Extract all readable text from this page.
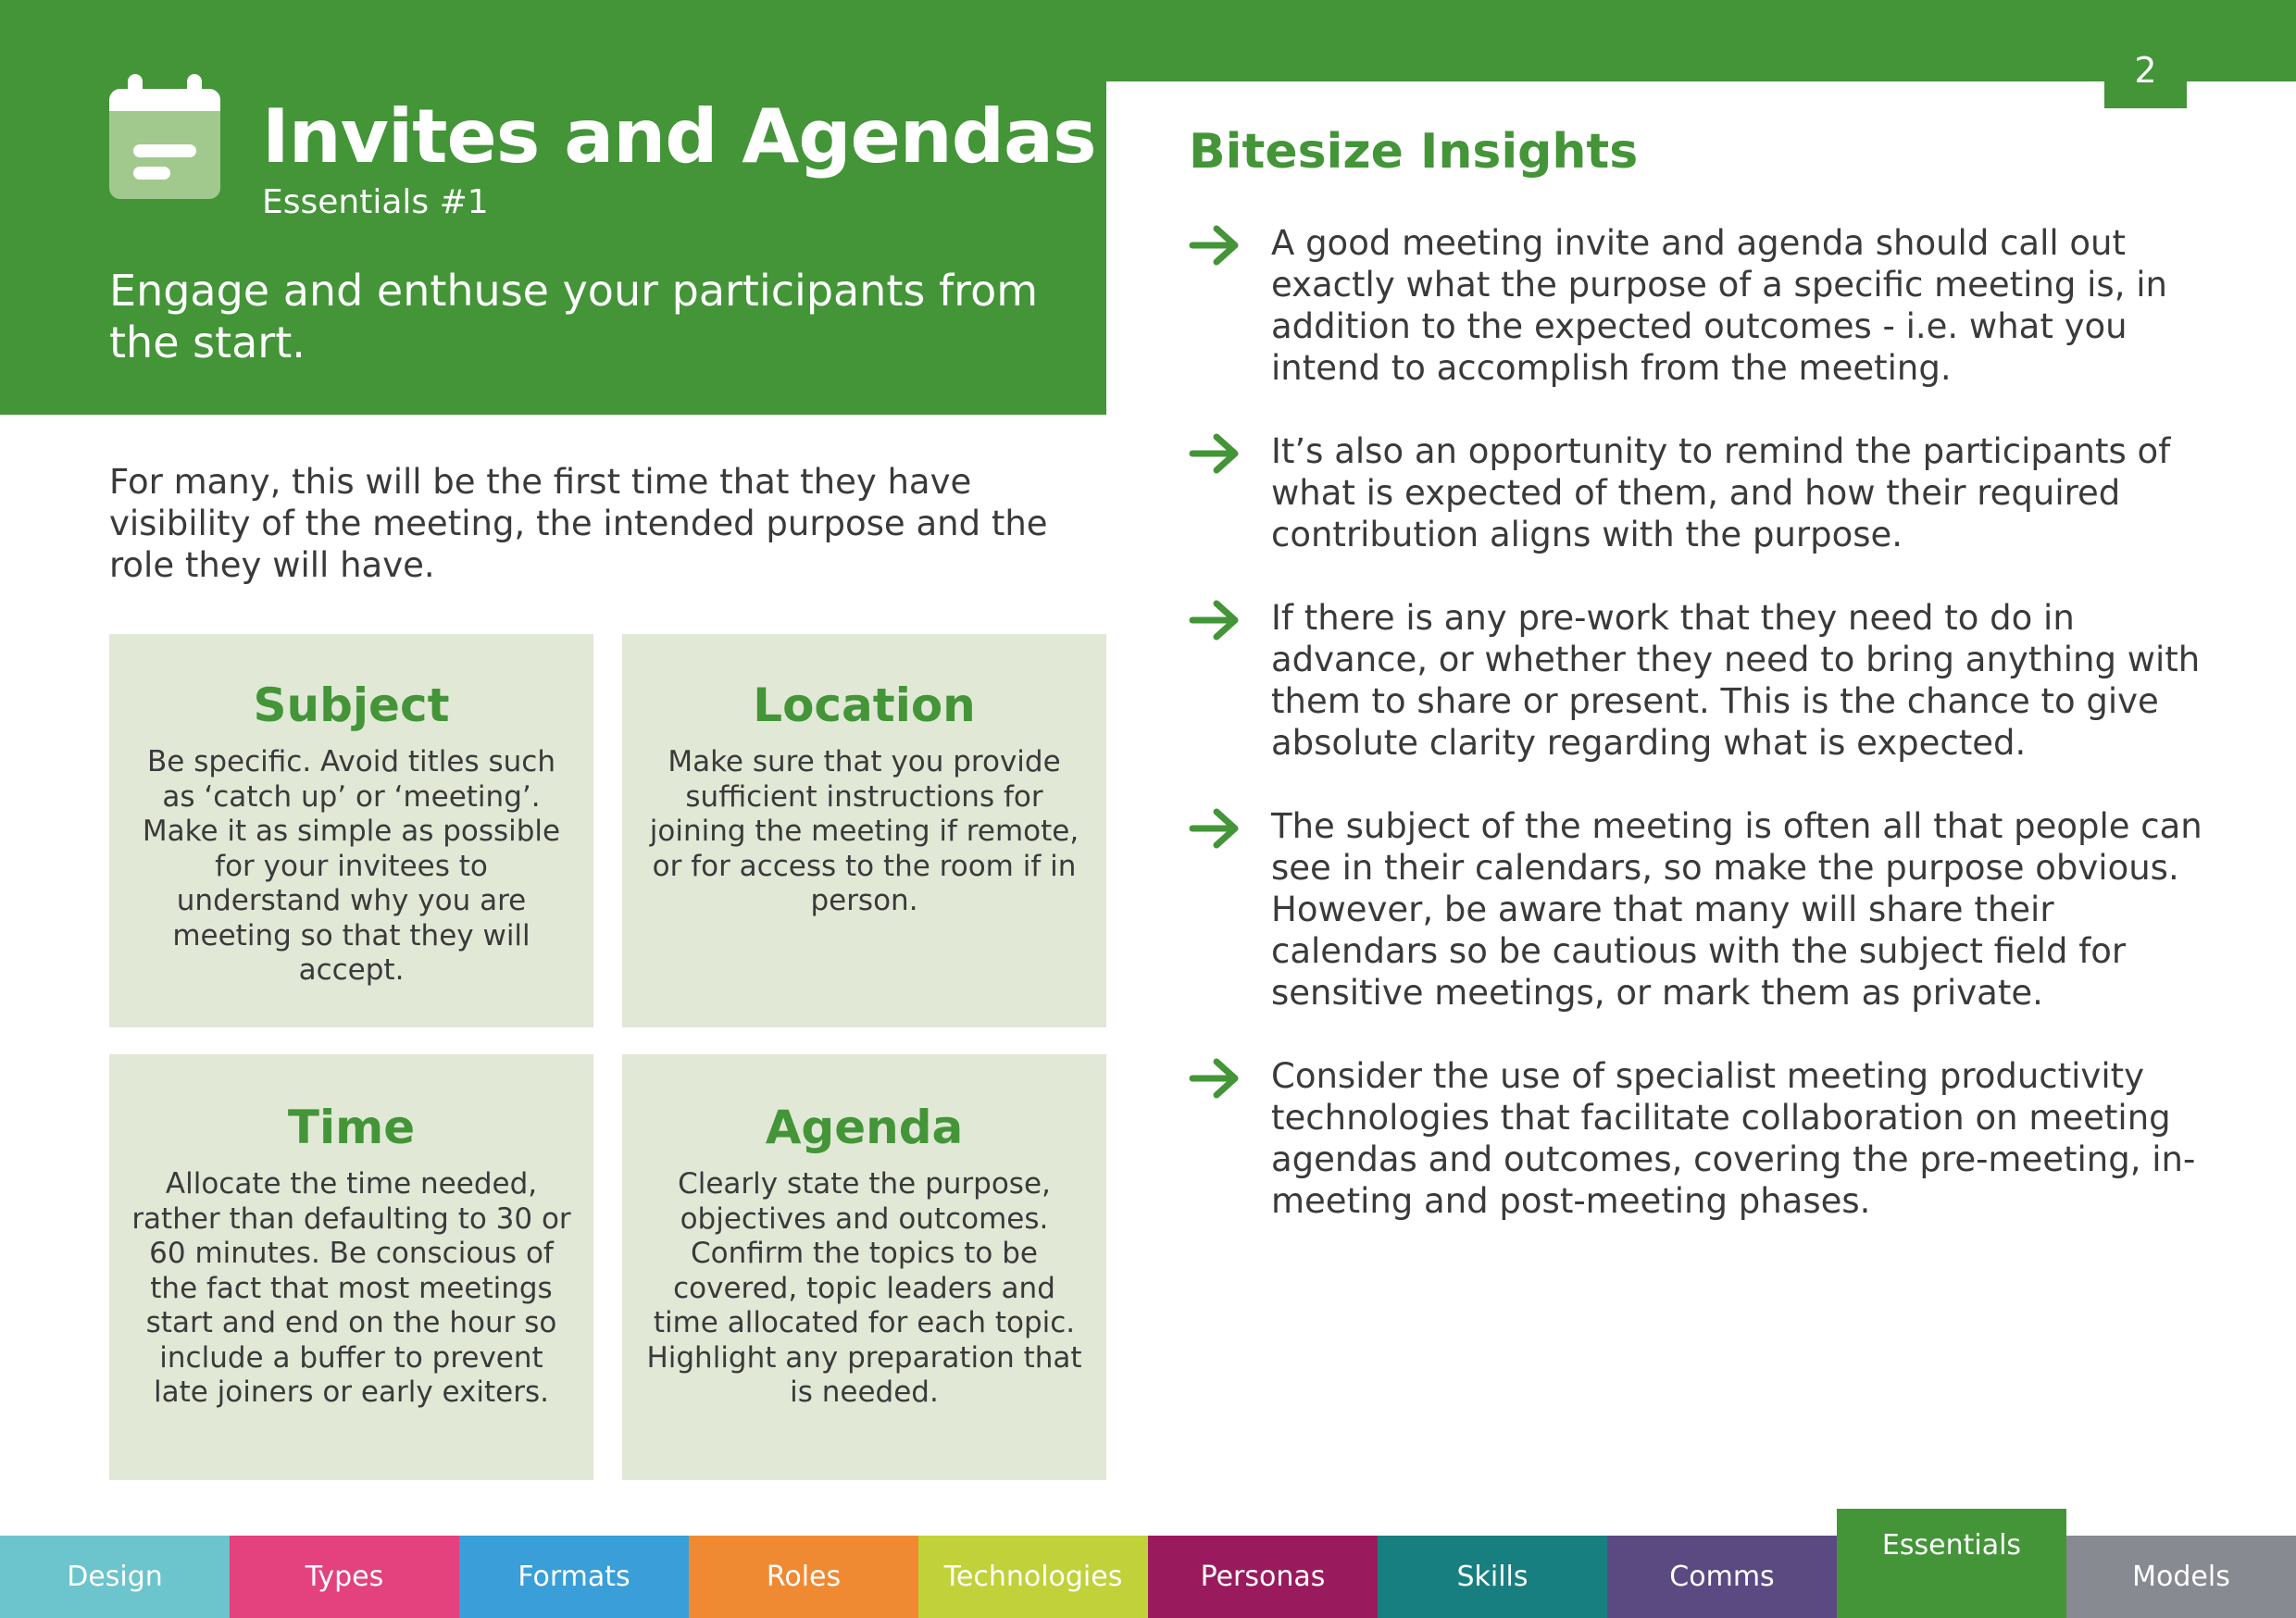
2
Invites and Agendas
Essentials #1
Engage and enthuse your participants from the start.
For many, this will be the first time that they have visibility of the meeting, the intended purpose and the role they will have.
Subject

Be specific. Avoid titles such as ‘catch up’ or ‘meeting’. Make it as simple as possible for your invitees to understand why you are meeting so that they will accept.

Location

Make sure that you provide sufficient instructions for joining the meeting if remote, or for access to the room if in person.

Time

Allocate the time needed, rather than defaulting to 30 or 60 minutes. Be conscious of the fact that most meetings start and end on the hour so include a buffer to prevent late joiners or early exiters.

Agenda

Clearly state the purpose, objectives and outcomes. Confirm the topics to be covered, topic leaders and time allocated for each topic. Highlight any preparation that is needed.

Bitesize Insights
A good meeting invite and agenda should call out exactly what the purpose of a specific meeting is, in addition to the expected outcomes - i.e. what you intend to accomplish from the meeting.
It’s also an opportunity to remind the participants of what is expected of them, and how their required contribution aligns with the purpose.
If there is any pre-work that they need to do in advance, or whether they need to bring anything with them to share or present. This is the chance to give absolute clarity regarding what is expected.
The subject of the meeting is often all that people can see in their calendars, so make the purpose obvious. However, be aware that many will share their calendars so be cautious with the subject field for sensitive meetings, or mark them as private.
Consider the use of specialist meeting productivity technologies that facilitate collaboration on meeting agendas and outcomes, covering the pre-meeting, in-meeting and post-meeting phases.
Design	Types	Formats	Roles	Technologies	Personas	Skills	Comms
Essentials
Models
